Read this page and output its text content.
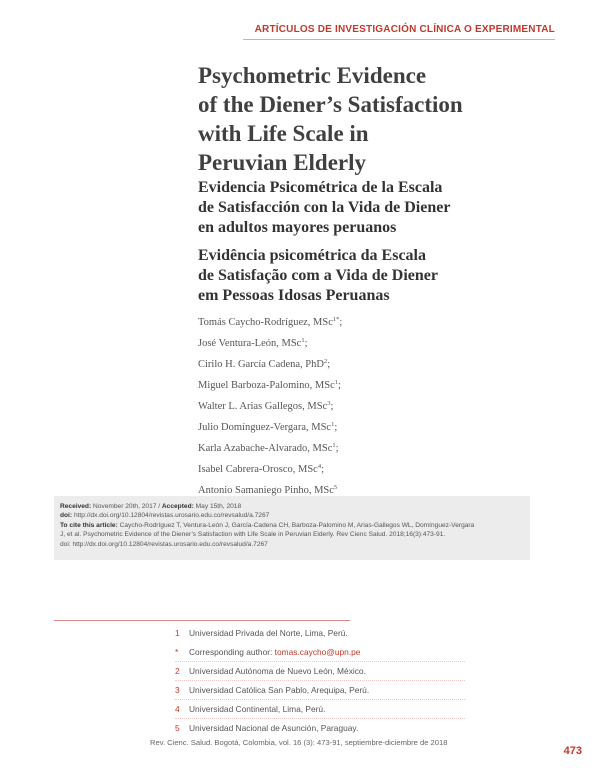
ARTÍCULOS DE INVESTIGACIÓN CLÍNICA O EXPERIMENTAL
Psychometric Evidence
of the Diener’s Satisfaction
with Life Scale in
Peruvian Elderly
Evidencia Psicométrica de la Escala
de Satisfacción con la Vida de Diener
en adultos mayores peruanos
Evidência psicométrica da Escala
de Satisfação com a Vida de Diener
em Pessoas Idosas Peruanas
Tomás Caycho-Rodríguez, MSc$^{1*}$;
José Ventura-León, MSc$^1$;
Cirilo H. García Cadena, PhD$^2$;
Miguel Barboza-Palomino, MSc$^1$;
Walter L. Arias Gallegos, MSc$^3$;
Julio Domínguez-Vergara, MSc$^1$;
Karla Azabache-Alvarado, MSc$^1$;
Isabel Cabrera-Orosco, MSc$^4$;
Antonio Samaniego Pinho, MSc$^5$
Received: November 20th, 2017 / Accepted: May 15th, 2018
doi: http://dx.doi.org/10.12804/revistas.urosario.edu.co/revsalud/a.7267
To cite this article: Caycho-Rodríguez T, Ventura-León J, García-Cadena CH, Barboza-Palomino M, Arias-Gallegos WL, Domínguez-Vergara
J, et al. Psychometric Evidence of the Diener’s Satisfaction with Life Scale in Peruvian Elderly. Rev Cienc Salud. 2018;16(3):473-91.
doi: http://dx.doi.org/10.12804/revistas.urosario.edu.co/revsalud/a.7267
1 Universidad Privada del Norte, Lima, Perú.
* Corresponding author: tomas.caycho@upn.pe
2 Universidad Autónoma de Nuevo León, México.
3 Universidad Católica San Pablo, Arequipa, Perú.
4 Universidad Continental, Lima, Perú.
5 Universidad Nacional de Asunción, Paraguay.
Rev. Cienc. Salud. Bogotá, Colombia, vol. 16 (3): 473-91, septiembre-diciembre de 2018
473
